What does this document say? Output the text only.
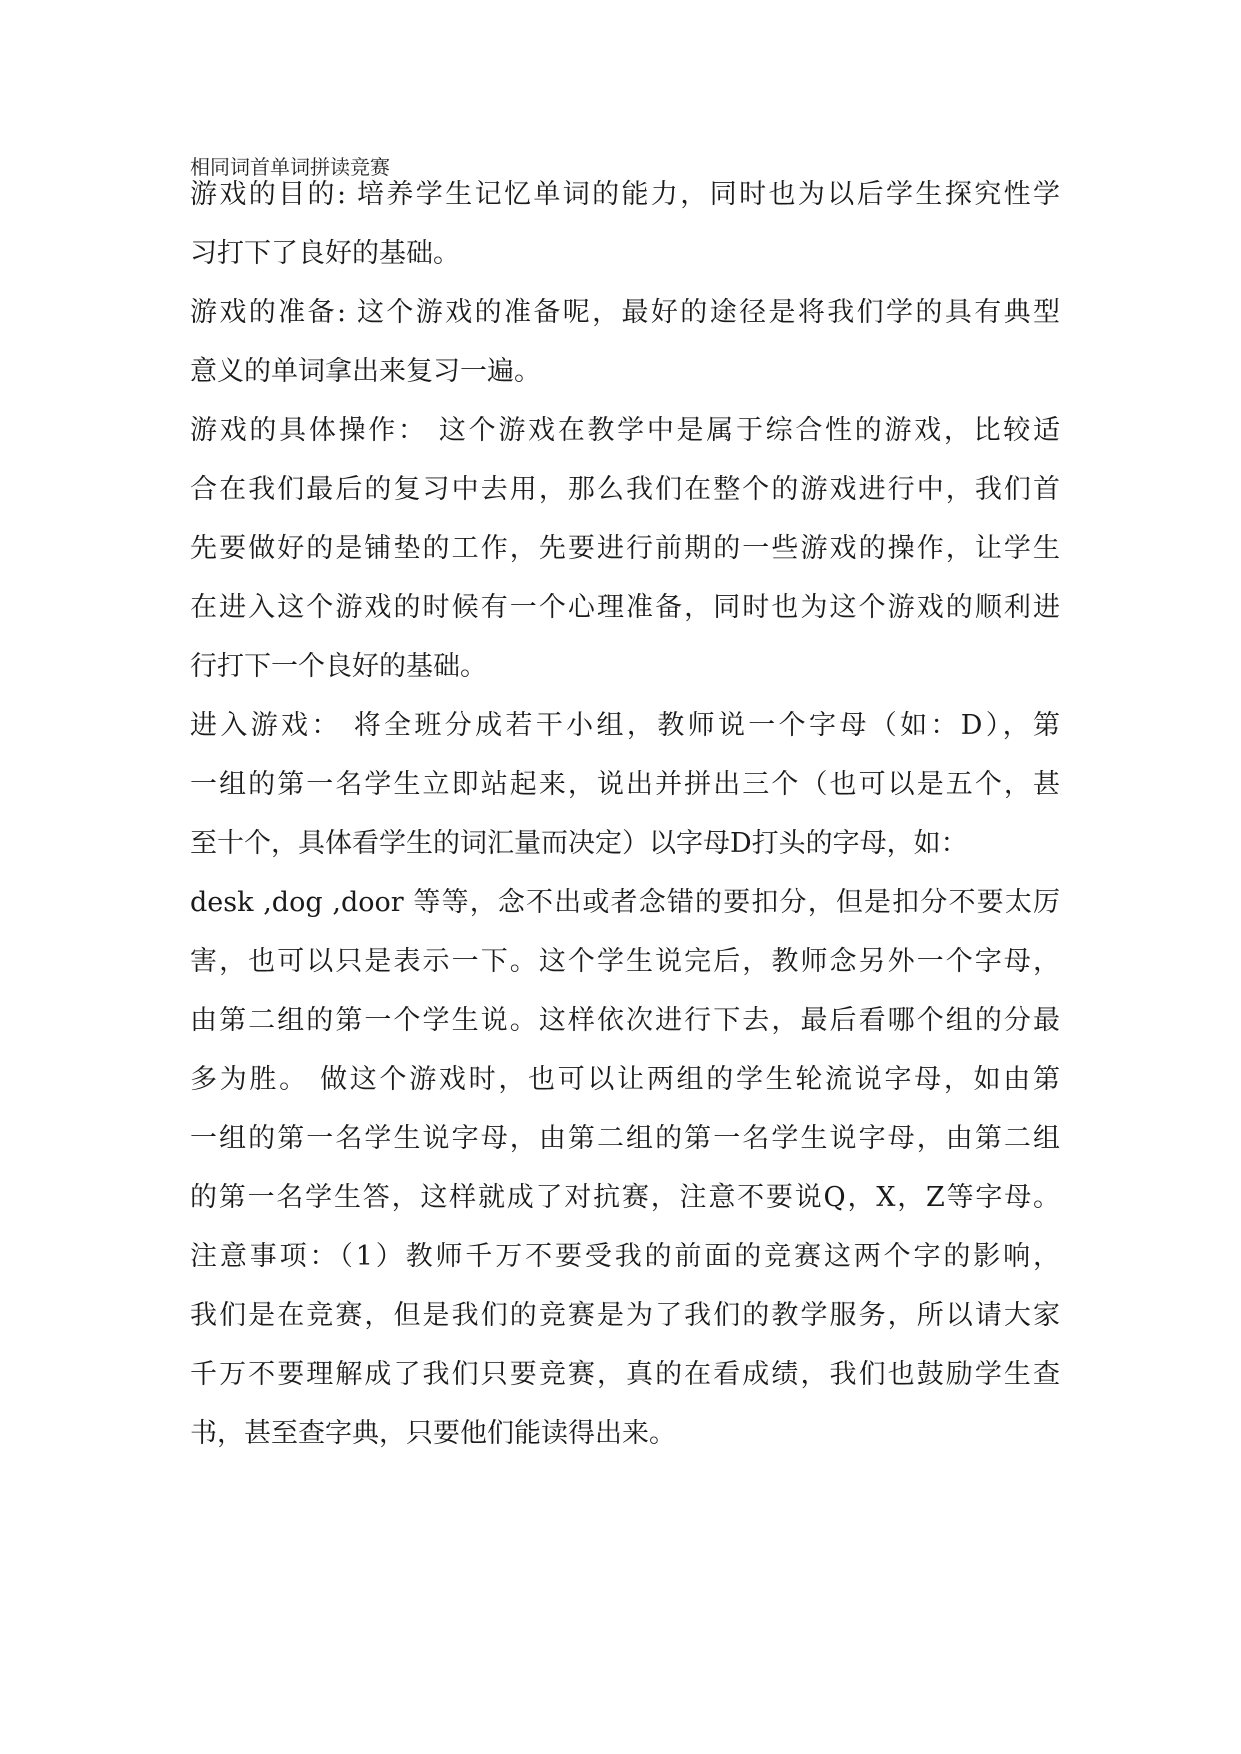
相同词首单词拼读竞赛
游戏的目的: 培养学生记忆单词的能力，同时也为以后学生探究性学
习打下了良好的基础。
游戏的准备: 这个游戏的准备呢，最好的途径是将我们学的具有典型
意义的单词拿出来复习一遍。
游戏的具体操作： 这个游戏在教学中是属于综合性的游戏，比较适
合在我们最后的复习中去用，那么我们在整个的游戏进行中，我们首
先要做好的是铺垫的工作，先要进行前期的一些游戏的操作，让学生
在进入这个游戏的时候有一个心理准备，同时也为这个游戏的顺利进
行打下一个良好的基础。
进入游戏： 将全班分成若干小组，教师说一个字母（如：D），第
一组的第一名学生立即站起来，说出并拼出三个（也可以是五个，甚
至十个，具体看学生的词汇量而决定）以字母D打头的字母，如：
desk ,dog ,door 等等，念不出或者念错的要扣分，但是扣分不要太厉
害，也可以只是表示一下。这个学生说完后，教师念另外一个字母，
由第二组的第一个学生说。这样依次进行下去，最后看哪个组的分最
多为胜。 做这个游戏时，也可以让两组的学生轮流说字母，如由第
一组的第一名学生说字母，由第二组的第一名学生说字母，由第二组
的第一名学生答，这样就成了对抗赛，注意不要说Q，X，Z等字母。
注意事项：（1）教师千万不要受我的前面的竞赛这两个字的影响，
我们是在竞赛，但是我们的竞赛是为了我们的教学服务，所以请大家
千万不要理解成了我们只要竞赛，真的在看成绩，我们也鼓励学生查
书，甚至查字典，只要他们能读得出来。
